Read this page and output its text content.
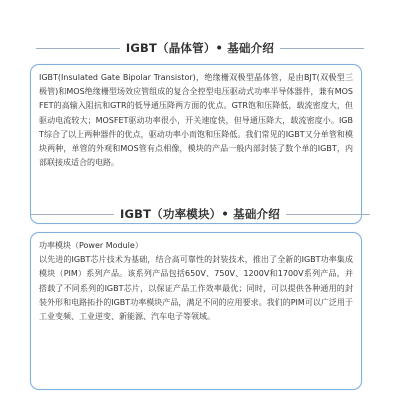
IGBT（晶体管）• 基础介绍

IGBT(Insulated Gate Bipolar Transistor)，绝缘栅双极型晶体管，是由BJT(双极型三极管)和MOS绝缘栅型场效应管组成的复合全控型电压驱动式功率半导体器件，兼有MOSFET的高输入阻抗和GTR的低导通压降两方面的优点。GTR饱和压降低，载流密度大，但驱动电流较大；MOSFET驱动功率很小，开关速度快，但导通压降大，载流密度小。IGBT综合了以上两种器件的优点，驱动功率小而饱和压降低。我们常见的IGBT又分单管和模块两种，单管的外观和MOS管有点相像，模块的产品一般内部封装了数个单的IGBT，内部联接成适合的电路。

IGBT（功率模块）• 基础介绍

功率模块（Power Module）

以先进的IGBT芯片技术为基础，结合高可靠性的封装技术，推出了全新的IGBT功率集成模块（PIM）系列产品。该系列产品包括650V、750V、1200V和1700V系列产品，并搭载了不同系列的IGBT芯片，以保证产品工作效率最优；同时，可以提供各种通用的封装外形和电路拓扑的IGBT功率模块产品，满足不同的应用要求。我们的PIM可以广泛用于工业变频、工业逆变、新能源、汽车电子等领域。
